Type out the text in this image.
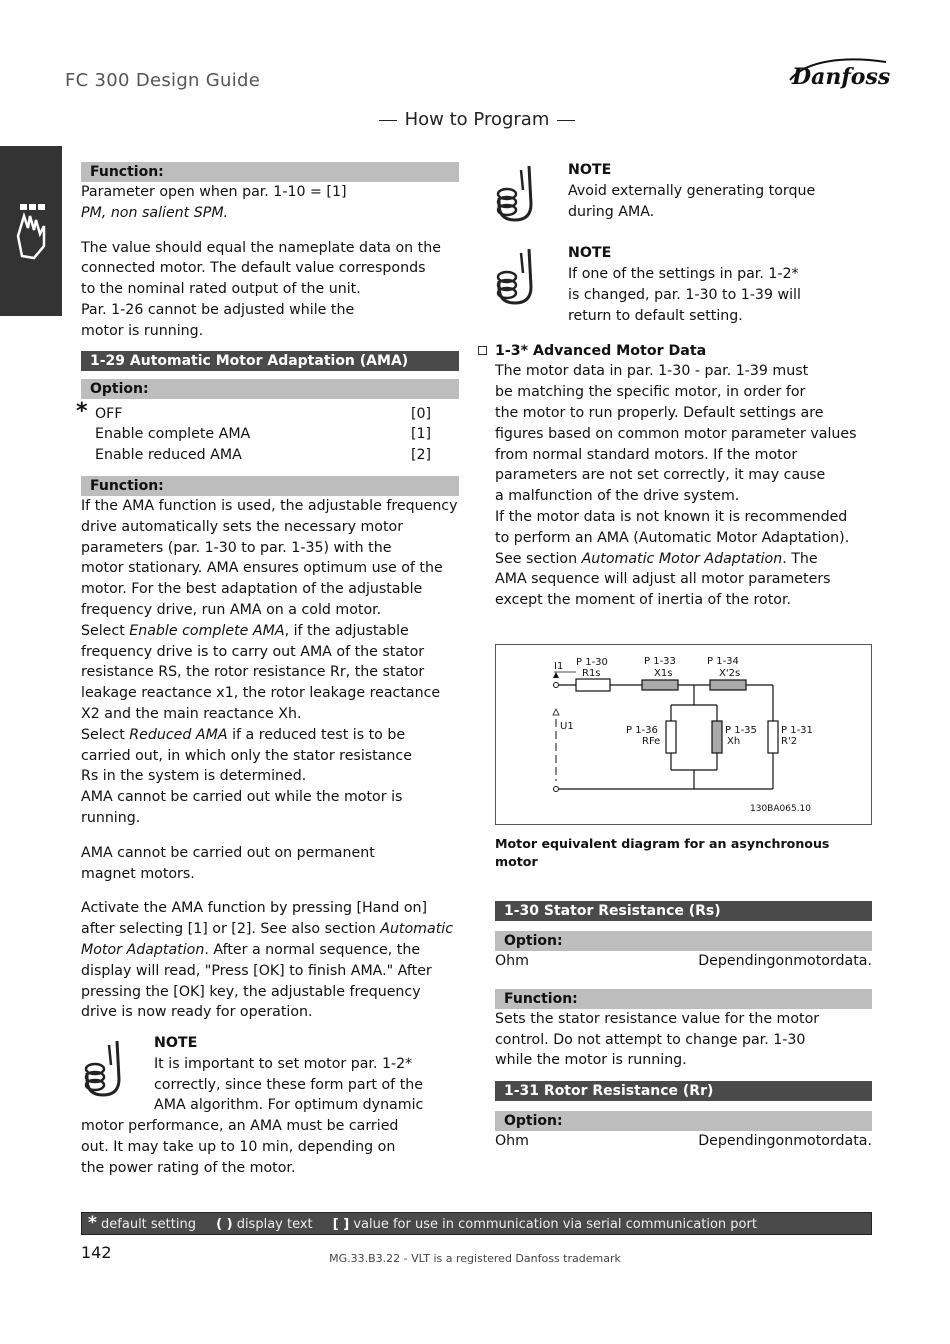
FC 300 Design Guide	Danfoss
How to Program
Function:
Parameter open when par. 1-10 = [1]
PM, non salient SPM.
The value should equal the nameplate data on the
connected motor. The default value corresponds
to the nominal rated output of the unit.
Par. 1-26 cannot be adjusted while the
motor is running.
1-29 Automatic Motor Adaptation (AMA)
Option:
* OFF	[0]
Enable complete AMA	[1]
Enable reduced AMA	[2]
Function:
If the AMA function is used, the adjustable frequency
drive automatically sets the necessary motor
parameters (par. 1-30 to par. 1-35) with the
motor stationary. AMA ensures optimum use of the
motor. For the best adaptation of the adjustable
frequency drive, run AMA on a cold motor.
Select Enable complete AMA, if the adjustable
frequency drive is to carry out AMA of the stator
resistance RS, the rotor resistance Rr, the stator
leakage reactance x1, the rotor leakage reactance
X2 and the main reactance Xh.
Select Reduced AMA if a reduced test is to be
carried out, in which only the stator resistance
Rs in the system is determined.
AMA cannot be carried out while the motor is running.
AMA cannot be carried out on permanent
magnet motors.
Activate the AMA function by pressing [Hand on]
after selecting [1] or [2]. See also section Automatic
Motor Adaptation. After a normal sequence, the
display will read, "Press [OK] to finish AMA." After
pressing the [OK] key, the adjustable frequency
drive is now ready for operation.
NOTE
It is important to set motor par. 1-2*
correctly, since these form part of the
AMA algorithm. For optimum dynamic
motor performance, an AMA must be carried
out. It may take up to 10 min, depending on
the power rating of the motor.
NOTE
Avoid externally generating torque
during AMA.
NOTE
If one of the settings in par. 1-2*
is changed, par. 1-30 to 1-39 will
return to default setting.
1-3* Advanced Motor Data
The motor data in par. 1-30 - par. 1-39 must
be matching the specific motor, in order for
the motor to run properly. Default settings are
figures based on common motor parameter values
from normal standard motors. If the motor
parameters are not set correctly, it may cause
a malfunction of the drive system.
If the motor data is not known it is recommended
to perform an AMA (Automatic Motor Adaptation).
See section Automatic Motor Adaptation. The
AMA sequence will adjust all motor parameters
except the moment of inertia of the rotor.
I1
U1
P 1-30
R1s
P 1-33
X1s
P 1-34
X'2s
P 1-36
RFe
P 1-35
Xh
P 1-31
R'2
130BA065.10
Motor equivalent diagram for an asynchronous motor
1-30 Stator Resistance (Rs)
Option:
Ohm	Dependingonmotordata.
Function:
Sets the stator resistance value for the motor
control. Do not attempt to change par. 1-30
while the motor is running.
1-31 Rotor Resistance (Rr)
Option:
Ohm	Dependingonmotordata.
* default setting ( ) display text [ ] value for use in communication via serial communication port
142	MG.33.B3.22 - VLT is a registered Danfoss trademark
